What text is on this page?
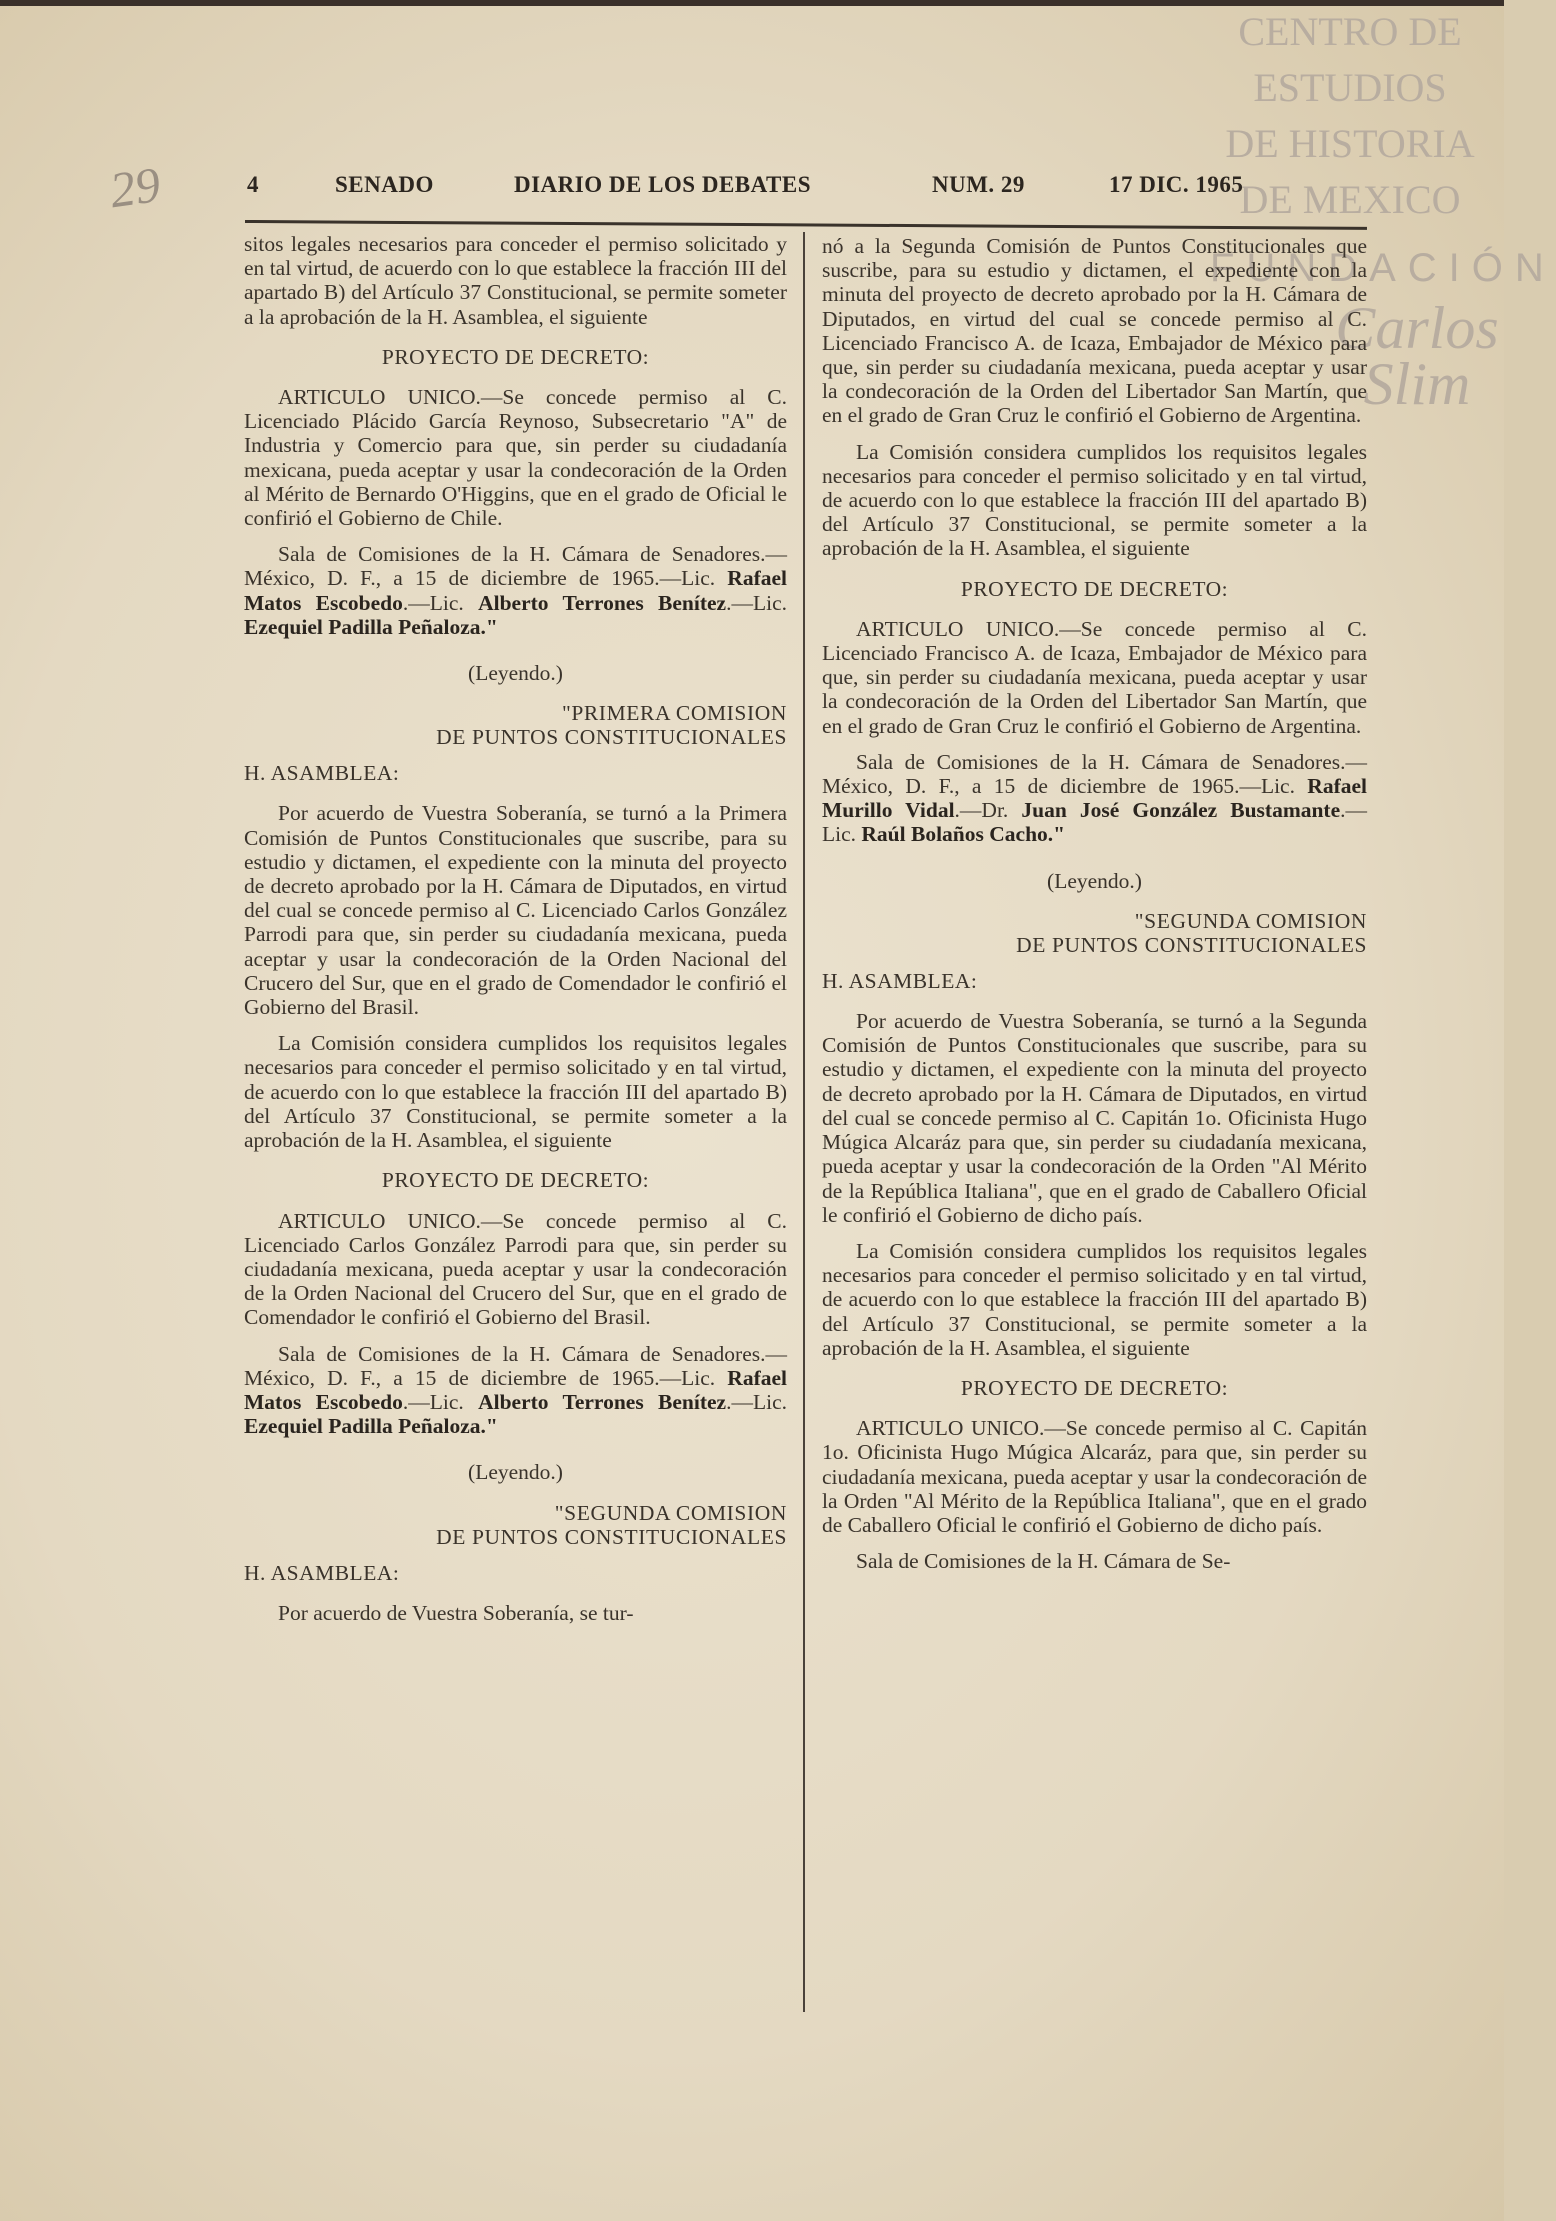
29
CENTRO DE
ESTUDIOS
DE HISTORIA
DE MEXICO
FUNDACIÓN
Carlos Slim
4	SENADO	DIARIO DE LOS DEBATES	NUM. 29	17 DIC. 1965

sitos legales necesarios para conceder el permiso solicitado y en tal virtud, de acuerdo con lo que establece la fracción III del apartado B) del Artículo 37 Constitucional, se permite someter a la aprobación de la H. Asamblea, el siguiente

PROYECTO DE DECRETO:

ARTICULO UNICO.—Se concede permiso al C. Licenciado Plácido García Reynoso, Subsecretario "A" de Industria y Comercio para que, sin perder su ciudadanía mexicana, pueda aceptar y usar la condecoración de la Orden al Mérito de Bernardo O'Higgins, que en el grado de Oficial le confirió el Gobierno de Chile.

Sala de Comisiones de la H. Cámara de Senadores.— México, D. F., a 15 de diciembre de 1965.—Lic. Rafael Matos Escobedo.—Lic. Alberto Terrones Benítez.—Lic. Ezequiel Padilla Peñaloza."

(Leyendo.)
"PRIMERA COMISION
DE PUNTOS CONSTITUCIONALES
H. ASAMBLEA:

Por acuerdo de Vuestra Soberanía, se turnó a la Primera Comisión de Puntos Constitucionales que suscribe, para su estudio y dictamen, el expediente con la minuta del proyecto de decreto aprobado por la H. Cámara de Diputados, en virtud del cual se concede permiso al C. Licenciado Carlos González Parrodi para que, sin perder su ciudadanía mexicana, pueda aceptar y usar la condecoración de la Orden Nacional del Crucero del Sur, que en el grado de Comendador le confirió el Gobierno del Brasil.

La Comisión considera cumplidos los requisitos legales necesarios para conceder el permiso solicitado y en tal virtud, de acuerdo con lo que establece la fracción III del apartado B) del Artículo 37 Constitucional, se permite someter a la aprobación de la H. Asamblea, el siguiente

PROYECTO DE DECRETO:

ARTICULO UNICO.—Se concede permiso al C. Licenciado Carlos González Parrodi para que, sin perder su ciudadanía mexicana, pueda aceptar y usar la condecoración de la Orden Nacional del Crucero del Sur, que en el grado de Comendador le confirió el Gobierno del Brasil.

Sala de Comisiones de la H. Cámara de Senadores.—México, D. F., a 15 de diciembre de 1965.—Lic. Rafael Matos Escobedo.—Lic. Alberto Terrones Benítez.—Lic. Ezequiel Padilla Peñaloza."

(Leyendo.)
"SEGUNDA COMISION
DE PUNTOS CONSTITUCIONALES
H. ASAMBLEA:

Por acuerdo de Vuestra Soberanía, se tur-

nó a la Segunda Comisión de Puntos Constitucionales que suscribe, para su estudio y dictamen, el expediente con la minuta del proyecto de decreto aprobado por la H. Cámara de Diputados, en virtud del cual se concede permiso al C. Licenciado Francisco A. de Icaza, Embajador de México para que, sin perder su ciudadanía mexicana, pueda aceptar y usar la condecoración de la Orden del Libertador San Martín, que en el grado de Gran Cruz le confirió el Gobierno de Argentina.

La Comisión considera cumplidos los requisitos legales necesarios para conceder el permiso solicitado y en tal virtud, de acuerdo con lo que establece la fracción III del apartado B) del Artículo 37 Constitucional, se permite someter a la aprobación de la H. Asamblea, el siguiente

PROYECTO DE DECRETO:

ARTICULO UNICO.—Se concede permiso al C. Licenciado Francisco A. de Icaza, Embajador de México para que, sin perder su ciudadanía mexicana, pueda aceptar y usar la condecoración de la Orden del Libertador San Martín, que en el grado de Gran Cruz le confirió el Gobierno de Argentina.

Sala de Comisiones de la H. Cámara de Senadores.—México, D. F., a 15 de diciembre de 1965.—Lic. Rafael Murillo Vidal.—Dr. Juan José González Bustamante.— Lic. Raúl Bolaños Cacho."

(Leyendo.)
"SEGUNDA COMISION
DE PUNTOS CONSTITUCIONALES
H. ASAMBLEA:

Por acuerdo de Vuestra Soberanía, se turnó a la Segunda Comisión de Puntos Constitucionales que suscribe, para su estudio y dictamen, el expediente con la minuta del proyecto de decreto aprobado por la H. Cámara de Diputados, en virtud del cual se concede permiso al C. Capitán 1o. Oficinista Hugo Múgica Alcaráz para que, sin perder su ciudadanía mexicana, pueda aceptar y usar la condecoración de la Orden "Al Mérito de la República Italiana", que en el grado de Caballero Oficial le confirió el Gobierno de dicho país.

La Comisión considera cumplidos los requisitos legales necesarios para conceder el permiso solicitado y en tal virtud, de acuerdo con lo que establece la fracción III del apartado B) del Artículo 37 Constitucional, se permite someter a la aprobación de la H. Asamblea, el siguiente

PROYECTO DE DECRETO:

ARTICULO UNICO.—Se concede permiso al C. Capitán 1o. Oficinista Hugo Múgica Alcaráz, para que, sin perder su ciudadanía mexicana, pueda aceptar y usar la condecoración de la Orden "Al Mérito de la República Italiana", que en el grado de Caballero Oficial le confirió el Gobierno de dicho país.

Sala de Comisiones de la H. Cámara de Se-
